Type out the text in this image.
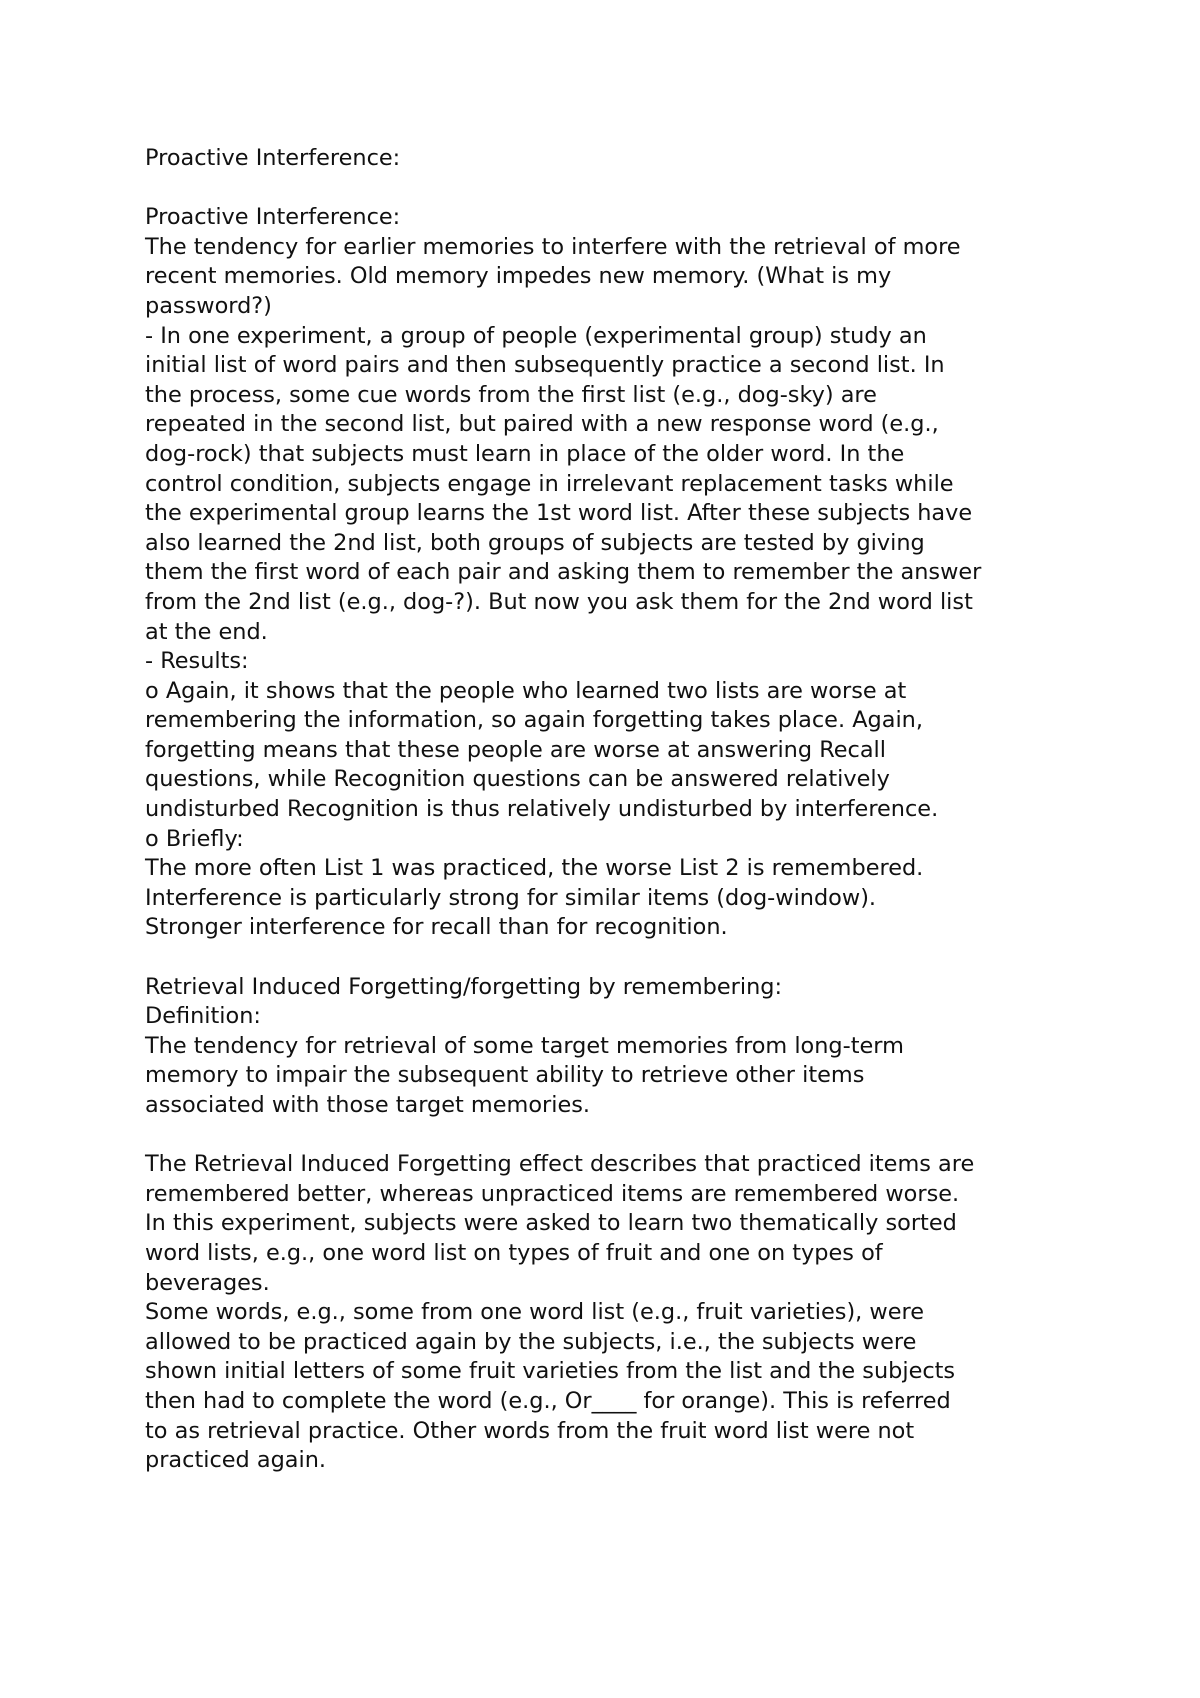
Proactive Interference:
Proactive Interference:
The tendency for earlier memories to interfere with the retrieval of more
recent memories. Old memory impedes new memory. (What is my
password?)
- In one experiment, a group of people (experimental group) study an
initial list of word pairs and then subsequently practice a second list. In
the process, some cue words from the first list (e.g., dog-sky) are
repeated in the second list, but paired with a new response word (e.g.,
dog-rock) that subjects must learn in place of the older word. In the
control condition, subjects engage in irrelevant replacement tasks while
the experimental group learns the 1st word list. After these subjects have
also learned the 2nd list, both groups of subjects are tested by giving
them the first word of each pair and asking them to remember the answer
from the 2nd list (e.g., dog-?). But now you ask them for the 2nd word list
at the end.
- Results:
o Again, it shows that the people who learned two lists are worse at
remembering the information, so again forgetting takes place. Again,
forgetting means that these people are worse at answering Recall
questions, while Recognition questions can be answered relatively
undisturbed Recognition is thus relatively undisturbed by interference.
o Briefly:
The more often List 1 was practiced, the worse List 2 is remembered.
Interference is particularly strong for similar items (dog-window).
Stronger interference for recall than for recognition.
Retrieval Induced Forgetting/forgetting by remembering:
Definition:
The tendency for retrieval of some target memories from long-term
memory to impair the subsequent ability to retrieve other items
associated with those target memories.
The Retrieval Induced Forgetting effect describes that practiced items are
remembered better, whereas unpracticed items are remembered worse.
In this experiment, subjects were asked to learn two thematically sorted
word lists, e.g., one word list on types of fruit and one on types of
beverages.
Some words, e.g., some from one word list (e.g., fruit varieties), were
allowed to be practiced again by the subjects, i.e., the subjects were
shown initial letters of some fruit varieties from the list and the subjects
then had to complete the word (e.g., Or____ for orange). This is referred
to as retrieval practice. Other words from the fruit word list were not
practiced again.
